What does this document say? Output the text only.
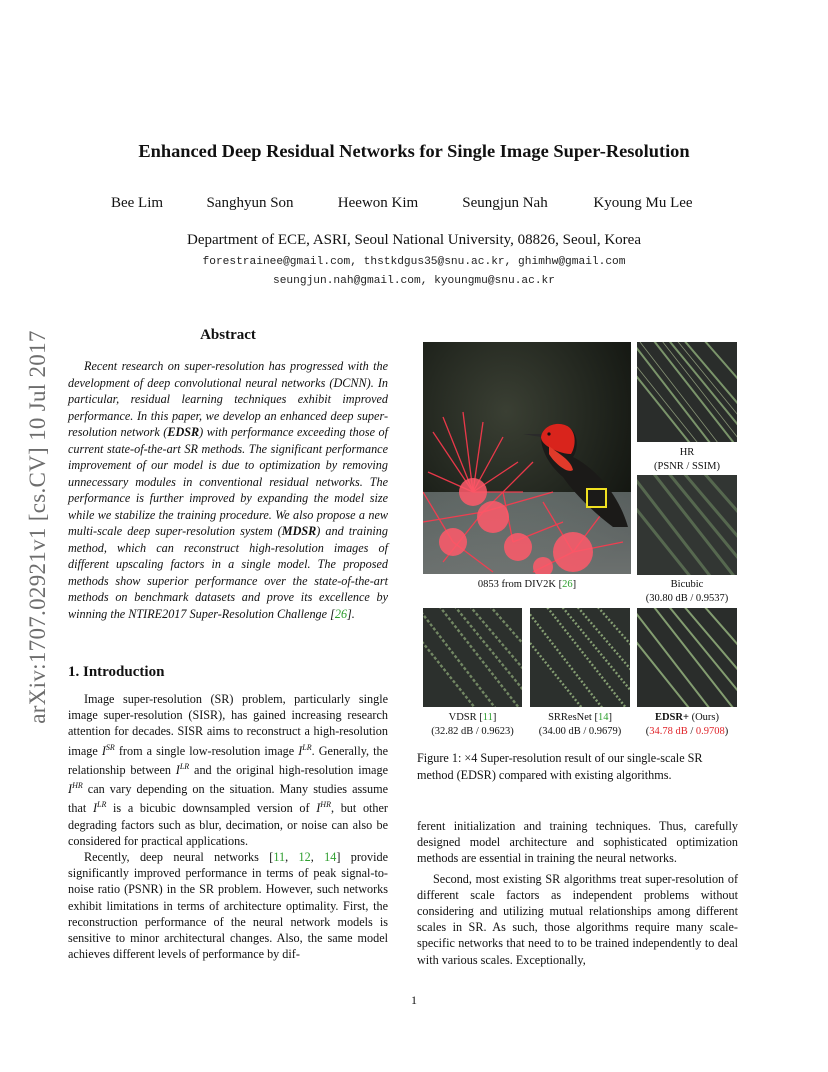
arXiv:1707.02921v1 [cs.CV] 10 Jul 2017
Enhanced Deep Residual Networks for Single Image Super-Resolution
Bee Lim	Sanghyun Son	Heewon Kim	Seungjun Nah	Kyoung Mu Lee
Department of ECE, ASRI, Seoul National University, 08826, Seoul, Korea
forestrainee@gmail.com, thstkdgus35@snu.ac.kr, ghimhw@gmail.com
seungjun.nah@gmail.com, kyoungmu@snu.ac.kr
Abstract

Recent research on super-resolution has progressed with the development of deep convolutional neural networks (DCNN). In particular, residual learning techniques exhibit improved performance. In this paper, we develop an enhanced deep super-resolution network (EDSR) with performance exceeding those of current state-of-the-art SR methods. The significant performance improvement of our model is due to optimization by removing unnecessary modules in conventional residual networks. The performance is further improved by expanding the model size while we stabilize the training procedure. We also propose a new multi-scale deep super-resolution system (MDSR) and training method, which can reconstruct high-resolution images of different upscaling factors in a single model. The proposed methods show superior performance over the state-of-the-art methods on benchmark datasets and prove its excellence by winning the NTIRE2017 Super-Resolution Challenge [26].

1. Introduction

Image super-resolution (SR) problem, particularly single image super-resolution (SISR), has gained increasing research attention for decades. SISR aims to reconstruct a high-resolution image $I^{SR}$ from a single low-resolution image $I^{LR}$. Generally, the relationship between $I^{LR}$ and the original high-resolution image $I^{HR}$ can vary depending on the situation. Many studies assume that $I^{LR}$ is a bicubic downsampled version of $I^{HR}$, but other degrading factors such as blur, decimation, or noise can also be considered for practical applications.

Recently, deep neural networks [11, 12, 14] provide significantly improved performance in terms of peak signal-to-noise ratio (PSNR) in the SR problem. However, such networks exhibit limitations in terms of architecture optimality. First, the reconstruction performance of the neural network models is sensitive to minor architectural changes. Also, the same model achieves different levels of performance by dif-

ferent initialization and training techniques. Thus, carefully designed model architecture and sophisticated optimization methods are essential in training the neural networks.

Second, most existing SR algorithms treat super-resolution of different scale factors as independent problems without considering and utilizing mutual relationships among different scales in SR. As such, those algorithms require many scale-specific networks that need to to be trained independently to deal with various scales. Exceptionally,

HR
(PSNR / SSIM)
0853 from DIV2K [26]	Bicubic
(30.80 dB / 0.9537)
VDSR [11]
(32.82 dB / 0.9623)
SRResNet [14]
(34.00 dB / 0.9679)
EDSR+ (Ours)
(34.78 dB / 0.9708)
Figure 1: ×4 Super-resolution result of our single-scale SR method (EDSR) compared with existing algorithms.
1
